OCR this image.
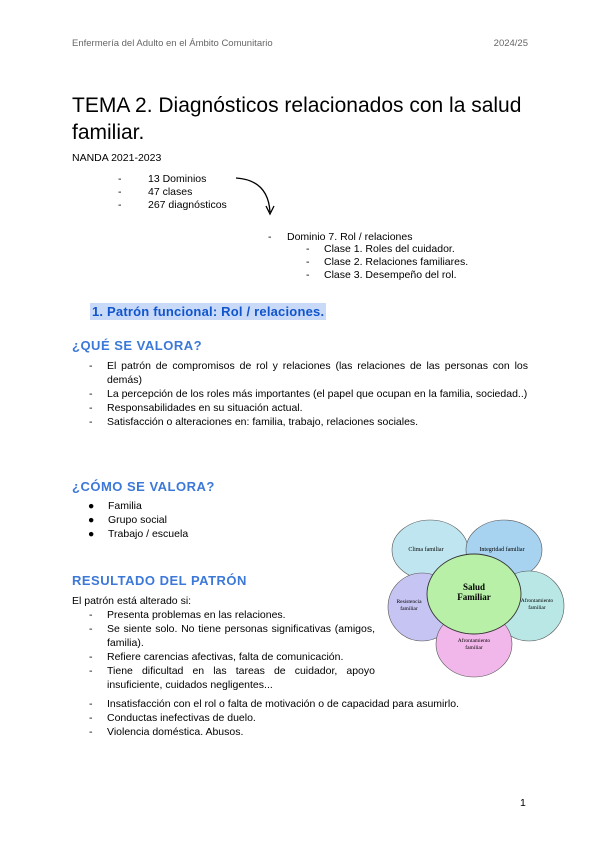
Enfermería del Adulto en el Ámbito Comunitario	2024/25
TEMA 2. Diagnósticos relacionados con la salud familiar.
NANDA 2021-2023
-	13 Dominios
-	47 clases
-	267 diagnósticos
- Dominio 7. Rol / relaciones
- Clase 1. Roles del cuidador.
- Clase 2. Relaciones familiares.
- Clase 3. Desempeño del rol.
1. Patrón funcional: Rol / relaciones.
¿QUÉ SE VALORA?
- El patrón de compromisos de rol y relaciones (las relaciones de las personas con los demás)
- La percepción de los roles más importantes (el papel que ocupan en la familia, sociedad..)
- Responsabilidades en su situación actual.
- Satisfacción o alteraciones en: familia, trabajo, relaciones sociales.
¿CÓMO SE VALORA?
● Familia
● Grupo social
● Trabajo / escuela
RESULTADO DEL PATRÓN
El patrón está alterado si:
- Presenta problemas en las relaciones.
- Se siente solo. No tiene personas significativas (amigos, familia).
- Refiere carencias afectivas, falta de comunicación.
- Tiene dificultad en las tareas de cuidador, apoyo insuficiente, cuidados negligentes...
- Insatisfacción con el rol o falta de motivación o de capacidad para asumirlo.
- Conductas inefectivas de duelo.
- Violencia doméstica. Abusos.
Clima familiar	Integridad familiar
Resistencia
familiar
Afrontamiento
familiar
Afrontamiento
familiar
Salud
Familiar
1
